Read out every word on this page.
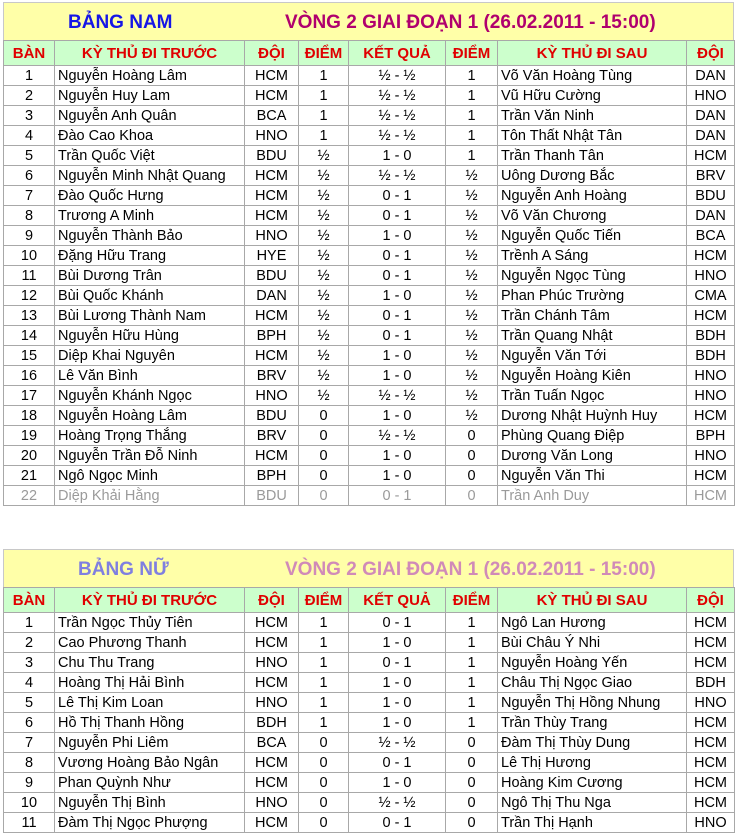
BẢNG NAM	VÒNG 2 GIAI ĐOẠN 1 (26.02.2011 - 15:00)
BÀN	KỲ THỦ ĐI TRƯỚC	ĐỘI	ĐIỂM	KẾT QUẢ	ĐIỂM	KỲ THỦ ĐI SAU	ĐỘI
1	Nguyễn Hoàng Lâm	HCM	1	½ - ½	1	Võ Văn Hoàng Tùng	DAN
2	Nguyễn Huy Lam	HCM	1	½ - ½	1	Vũ Hữu Cường	HNO
3	Nguyễn Anh Quân	BCA	1	½ - ½	1	Trần Văn Ninh	DAN
4	Đào Cao Khoa	HNO	1	½ - ½	1	Tôn Thất Nhật Tân	DAN
5	Trần Quốc Việt	BDU	½	1 - 0	1	Trần Thanh Tân	HCM
6	Nguyễn Minh Nhật Quang	HCM	½	½ - ½	½	Uông Dương Bắc	BRV
7	Đào Quốc Hưng	HCM	½	0 - 1	½	Nguyễn Anh Hoàng	BDU
8	Trương A Minh	HCM	½	0 - 1	½	Võ Văn Chương	DAN
9	Nguyễn Thành Bảo	HNO	½	1 - 0	½	Nguyễn Quốc Tiến	BCA
10	Đặng Hữu Trang	HYE	½	0 - 1	½	Trềnh A Sáng	HCM
11	Bùi Dương Trân	BDU	½	0 - 1	½	Nguyễn Ngọc Tùng	HNO
12	Bùi Quốc Khánh	DAN	½	1 - 0	½	Phan Phúc Trường	CMA
13	Bùi Lương Thành Nam	HCM	½	0 - 1	½	Trần Chánh Tâm	HCM
14	Nguyễn Hữu Hùng	BPH	½	0 - 1	½	Trần Quang Nhật	BDH
15	Diệp Khai Nguyên	HCM	½	1 - 0	½	Nguyễn Văn Tới	BDH
16	Lê Văn Bình	BRV	½	1 - 0	½	Nguyễn Hoàng Kiên	HNO
17	Nguyễn Khánh Ngọc	HNO	½	½ - ½	½	Trần Tuấn Ngọc	HNO
18	Nguyễn Hoàng Lâm	BDU	0	1 - 0	½	Dương Nhật Huỳnh Huy	HCM
19	Hoàng Trọng Thắng	BRV	0	½ - ½	0	Phùng Quang Điệp	BPH
20	Nguyễn Trần Đỗ Ninh	HCM	0	1 - 0	0	Dương Văn Long	HNO
21	Ngô Ngọc Minh	BPH	0	1 - 0	0	Nguyễn Văn Thi	HCM
22	Diệp Khải Hằng	BDU	0	0 - 1	0	Trần Anh Duy	HCM
BẢNG NỮ	VÒNG 2 GIAI ĐOẠN 1 (26.02.2011 - 15:00)
BÀN	KỲ THỦ ĐI TRƯỚC	ĐỘI	ĐIỂM	KẾT QUẢ	ĐIỂM	KỲ THỦ ĐI SAU	ĐỘI
1	Trần Ngọc Thủy Tiên	HCM	1	0 - 1	1	Ngô Lan Hương	HCM
2	Cao Phương Thanh	HCM	1	1 - 0	1	Bùi Châu Ý Nhi	HCM
3	Chu Thu Trang	HNO	1	0 - 1	1	Nguyễn Hoàng Yến	HCM
4	Hoàng Thị Hải Bình	HCM	1	1 - 0	1	Châu Thị Ngọc Giao	BDH
5	Lê Thị Kim Loan	HNO	1	1 - 0	1	Nguyễn Thị Hồng Nhung	HNO
6	Hồ Thị Thanh Hồng	BDH	1	1 - 0	1	Trần Thùy Trang	HCM
7	Nguyễn Phi Liêm	BCA	0	½ - ½	0	Đàm Thị Thùy Dung	HCM
8	Vương Hoàng Bảo Ngân	HCM	0	0 - 1	0	Lê Thị Hương	HCM
9	Phan Quỳnh Như	HCM	0	1 - 0	0	Hoàng Kim Cương	HCM
10	Nguyễn Thị Bình	HNO	0	½ - ½	0	Ngô Thị Thu Nga	HCM
11	Đàm Thị Ngọc Phượng	HCM	0	0 - 1	0	Trần Thị Hạnh	HNO
